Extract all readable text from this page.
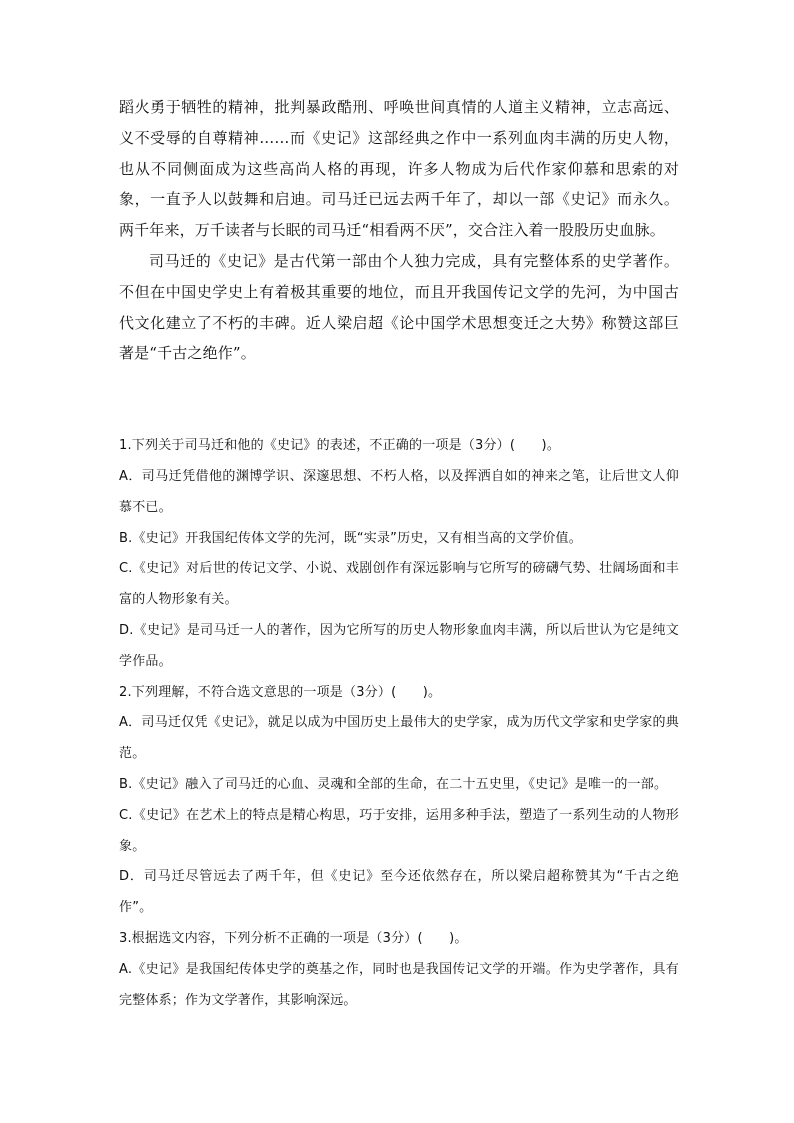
蹈火勇于牺牲的精神，批判暴政酷刑、呼唤世间真情的人道主义精神，立志高远、义不受辱的自尊精神……而《史记》这部经典之作中一系列血肉丰满的历史人物，也从不同侧面成为这些高尚人格的再现，许多人物成为后代作家仰慕和思索的对象，一直予人以鼓舞和启迪。司马迁已远去两千年了，却以一部《史记》而永久。两千年来，万千读者与长眠的司马迁“相看两不厌”，交合注入着一股股历史血脉。

司马迁的《史记》是古代第一部由个人独力完成，具有完整体系的史学著作。不但在中国史学史上有着极其重要的地位，而且开我国传记文学的先河，为中国古代文化建立了不朽的丰碑。近人梁启超《论中国学术思想变迁之大势》称赞这部巨著是“千古之绝作”。

1.下列关于司马迁和他的《史记》的表述，不正确的一项是（3分）(　　)。

A．司马迁凭借他的渊博学识、深邃思想、不朽人格，以及挥洒自如的神来之笔，让后世文人仰慕不已。

B.《史记》开我国纪传体文学的先河，既“实录”历史，又有相当高的文学价值。

C.《史记》对后世的传记文学、小说、戏剧创作有深远影响与它所写的磅礴气势、壮阔场面和丰富的人物形象有关。

D.《史记》是司马迁一人的著作，因为它所写的历史人物形象血肉丰满，所以后世认为它是纯文学作品。

2.下列理解，不符合选文意思的一项是（3分）(　　)。

A．司马迁仅凭《史记》，就足以成为中国历史上最伟大的史学家，成为历代文学家和史学家的典范。

B.《史记》融入了司马迁的心血、灵魂和全部的生命，在二十五史里，《史记》是唯一的一部。

C.《史记》在艺术上的特点是精心构思，巧于安排，运用多种手法，塑造了一系列生动的人物形象。

D．司马迁尽管远去了两千年，但《史记》至今还依然存在，所以梁启超称赞其为“千古之绝作”。

3.根据选文内容，下列分析不正确的一项是（3分）(　　)。

A.《史记》是我国纪传体史学的奠基之作，同时也是我国传记文学的开端。作为史学著作，具有完整体系；作为文学著作，其影响深远。
